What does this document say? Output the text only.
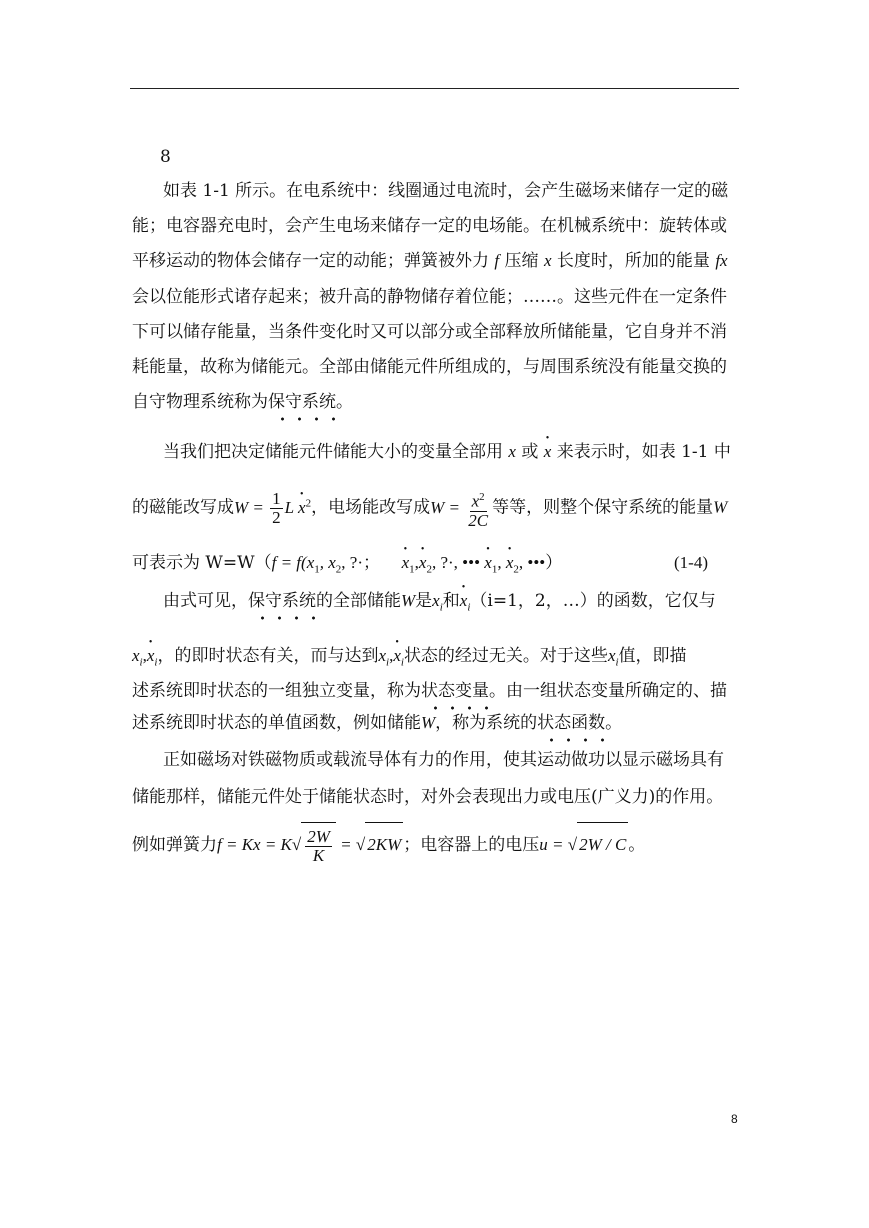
8
如表 1-1 所示。在电系统中：线圈通过电流时，会产生磁场来储存一定的磁
能；电容器充电时，会产生电场来储存一定的电场能。在机械系统中：旋转体或
平移运动的物体会储存一定的动能；弹簧被外力 f 压缩 x 长度时，所加的能量 fx
会以位能形式诸存起来；被升高的静物储存着位能；……。这些元件在一定条件
下可以储存能量，当条件变化时又可以部分或全部释放所储能量，它自身并不消
耗能量，故称为储能元。全部由储能元件所组成的，与周围系统没有能量交换的
自守物理系统称为保守系统。
当我们把决定储能元件储能大小的变量全部用 x 或 • x 来表示时，如表 1-1 中
的磁能改写成$W = \frac{1}{2}$ L • $x^2$，电场能改写成$W = \frac{x^2}{2C}$ 等等，则整个保守系统的能量W
可表示为 $W=W(f = f(x_1$, $x_2$, ?·；    • $x_1,•$ $x_2$, ?·, ••• • $x_1$, • $x_2$, •••）	(1-4)
由式可见，保守系统的全部储能W是$x_i$和• $x_i(i=1$，2，…）的函数，它仅与
$x_i,•$ $x_i$，的即时状态有关，而与达到$x_i,•$ $x_i$状态的经过无关。对于这些$x_i$值，即描
述系统即时状态的一组独立变量，称为状态变量。由一组状态变量所确定的、描
述系统即时状态的单值函数，例如储能W，称为系统的状态函数。
正如磁场对铁磁物质或载流导体有力的作用，使其运动做功以显示磁场具有
储能那样，储能元件处于储能状态时，对外会表现出力或电压(广义力)的作用。
例如弹簧力$f = Kx = K√ \frac{2W}{K}$ = √ 2KW ；电容器上的电压u = √ 2W / C 。
8
